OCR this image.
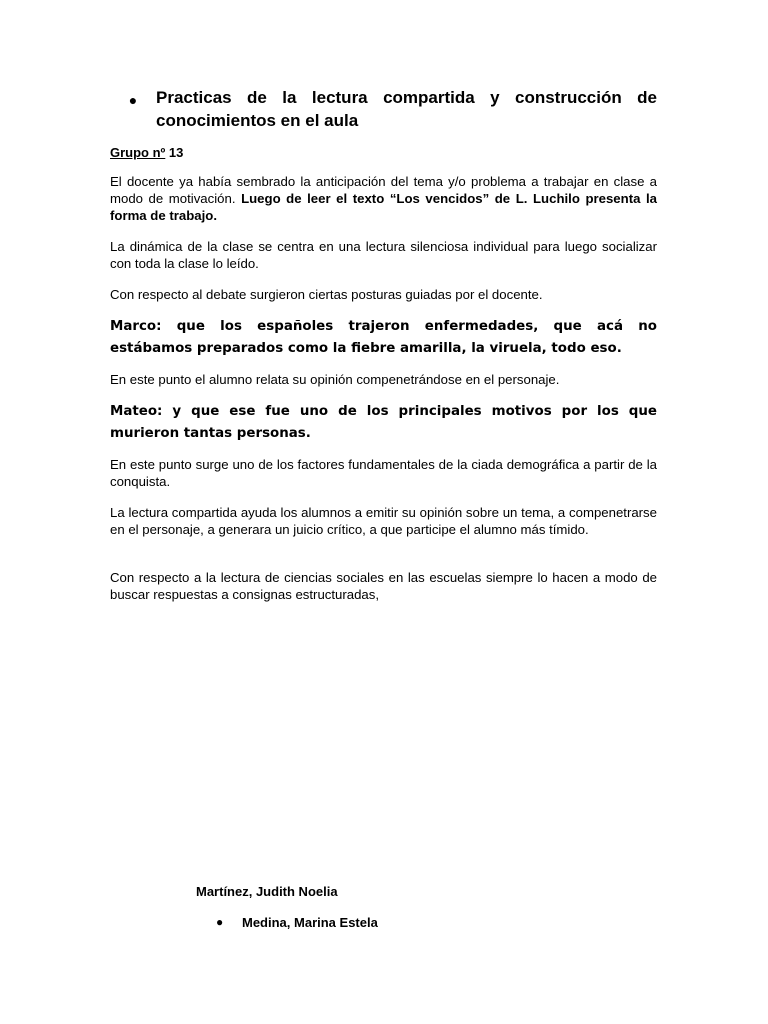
●	Practicas de la lectura compartida y construcción de conocimientos en el aula
Grupo nº 13
El docente ya había sembrado la anticipación del tema y/o problema a trabajar en clase a modo de motivación. Luego de leer el texto “Los vencidos” de L. Luchilo presenta la forma de trabajo.
La dinámica de la clase se centra en una lectura silenciosa individual para luego socializar con toda la clase lo leído.
Con respecto al debate surgieron ciertas posturas guiadas por el docente.
Marco: que los españoles trajeron enfermedades, que acá no estábamos preparados como la fiebre amarilla, la viruela, todo eso.
En este punto el alumno relata su opinión compenetrándose en el personaje.
Mateo: y que ese fue uno de los principales motivos por los que murieron tantas personas.
En este punto surge uno de los factores fundamentales de la ciada demográfica a partir de la conquista.
La lectura compartida ayuda los alumnos a emitir su opinión sobre un tema, a compenetrarse en el personaje, a generara un juicio crítico, a que participe el alumno más tímido.
Con respecto a la lectura de ciencias sociales en las escuelas siempre lo hacen a modo de buscar respuestas a consignas estructuradas,
Martínez, Judith Noelia
●	Medina, Marina Estela
